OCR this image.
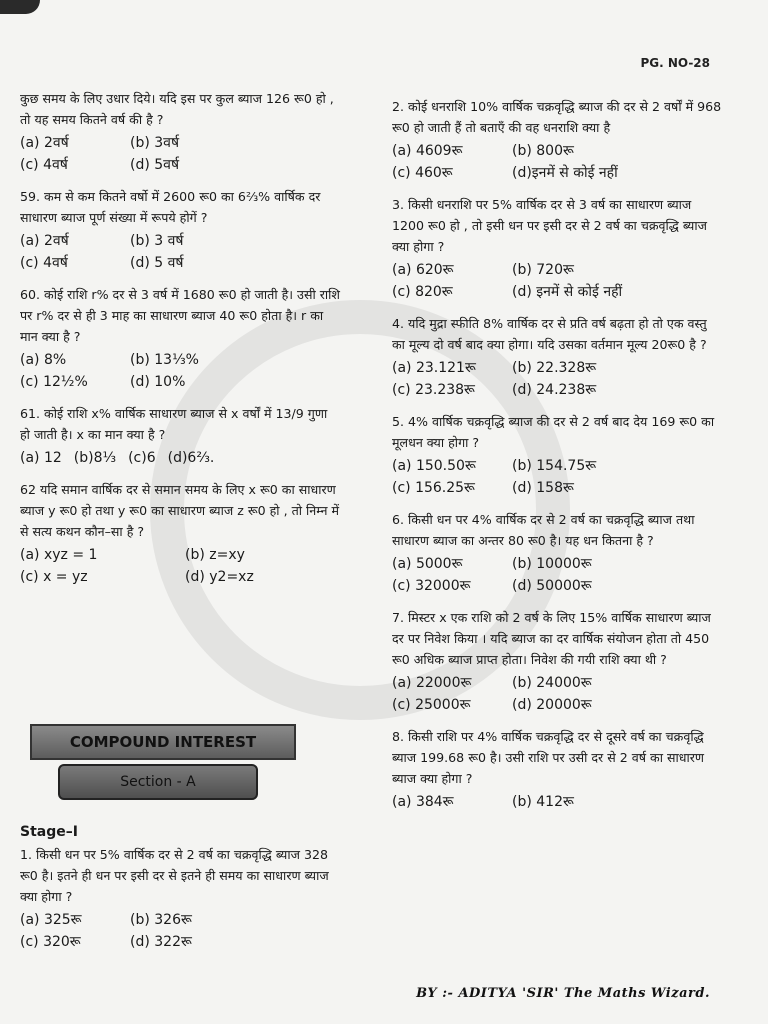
PG. NO-28

कुछ समय के लिए उधार दिये। यदि इस पर कुल ब्याज 126 रू0 हो , तो यह समय कितने वर्ष की है ?

(a) 2वर्ष	(b) 3वर्ष
(c) 4वर्ष	(d) 5वर्ष

59. कम से कम कितने वर्षो में 2600 रू0 का 6⅔% वार्षिक दर साधारण ब्याज पूर्ण संख्या में रूपये होगें ?

(a) 2वर्ष	(b) 3 वर्ष
(c) 4वर्ष	(d) 5 वर्ष

60. कोई राशि r% दर से 3 वर्ष में 1680 रू0 हो जाती है। उसी राशि पर r% दर से ही 3 माह का साधारण ब्याज 40 रू0 होता है। r का मान क्या है ?

(a) 8%	(b) 13⅓%
(c) 12½%	(d) 10%

61. कोई राशि x% वार्षिक साधारण ब्याज से x वर्षों में 13/9 गुणा हो जाती है। x का मान क्या है ?

(a) 12 (b)8⅓ (c)6 (d)6⅔.

62 यदि समान वार्षिक दर से समान समय के लिए x रू0 का साधारण ब्याज y रू0 हो तथा y रू0 का साधारण ब्याज z रू0 हो , तो निम्न में से सत्य कथन कौन–सा है ?

(a) xyz = 1	(b) z=xy
(c) x = yz	(d) y2=xz
COMPOUND INTEREST
Section - A

Stage–I

1. किसी धन पर 5% वार्षिक दर से 2 वर्ष का चक्रवृद्धि ब्याज 328 रू0 है। इतने ही धन पर इसी दर से इतने ही समय का साधारण ब्याज क्या होगा ?

(a) 325रू	(b) 326रू
(c) 320रू	(d) 322रू

2. कोई धनराशि 10% वार्षिक चक्रवृद्धि ब्याज की दर से 2 वर्षों में 968 रू0 हो जाती हैं तो बताएँ की वह धनराशि क्या है

(a) 4609रू	(b) 800रू
(c) 460रू	(d)इनमें से कोई नहीं

3. किसी धनराशि पर 5% वार्षिक दर से 3 वर्ष का साधारण ब्याज 1200 रू0 हो , तो इसी धन पर इसी दर से 2 वर्ष का चक्रवृद्धि ब्याज क्या होगा ?

(a) 620रू	(b) 720रू
(c) 820रू	(d) इनमें से कोई नहीं

4. यदि मुद्रा स्फीति 8% वार्षिक दर से प्रति वर्ष बढ़ता हो तो एक वस्तु का मूल्य दो वर्ष बाद क्या होगा। यदि उसका वर्तमान मूल्य 20रू0 है ?

(a) 23.121रू	(b) 22.328रू
(c) 23.238रू	(d) 24.238रू

5. 4% वार्षिक चक्रवृद्धि ब्याज की दर से 2 वर्ष बाद देय 169 रू0 का मूलधन क्या होगा ?

(a) 150.50रू	(b) 154.75रू
(c) 156.25रू	(d) 158रू

6. किसी धन पर 4% वार्षिक दर से 2 वर्ष का चक्रवृद्धि ब्याज तथा साधारण ब्याज का अन्तर 80 रू0 है। यह धन कितना है ?

(a) 5000रू	(b) 10000रू
(c) 32000रू	(d) 50000रू

7. मिस्टर x एक राशि को 2 वर्ष के लिए 15% वार्षिक साधारण ब्याज दर पर निवेश किया । यदि ब्याज का दर वार्षिक संयोजन होता तो 450 रू0 अधिक ब्याज प्राप्त होता। निवेश की गयी राशि क्या थी ?

(a) 22000रू	(b) 24000रू
(c) 25000रू	(d) 20000रू

8. किसी राशि पर 4% वार्षिक चक्रवृद्धि दर से दूसरे वर्ष का चक्रवृद्धि ब्याज 199.68 रू0 है। उसी राशि पर उसी दर से 2 वर्ष का साधारण ब्याज क्या होगा ?

(a) 384रू	(b) 412रू
BY :- ADITYA 'SIR' The Maths Wizard.
